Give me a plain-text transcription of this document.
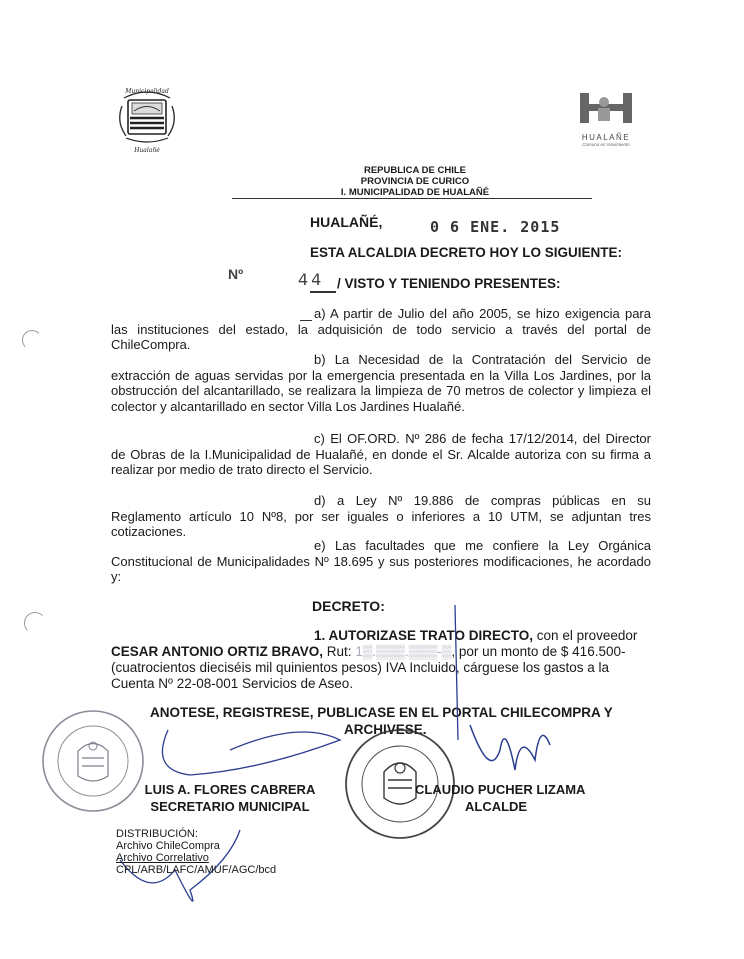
Municipalidad
Hualañé
HUALAÑE
Comuna en movimiento
REPUBLICA DE CHILE
PROVINCIA DE CURICO
I. MUNICIPALIDAD DE HUALAÑÉ
HUALAÑÉ,	0 6 ENE. 2015
ESTA ALCALDIA DECRETO HOY LO SIGUIENTE:
Nº	44 / VISTO Y TENIENDO PRESENTES:
a) A partir de Julio del año 2005, se hizo exigencia para las instituciones del estado, la adquisición de todo servicio a través del portal de ChileCompra.
b) La Necesidad de la Contratación del Servicio de extracción de aguas servidas por la emergencia presentada en la Villa Los Jardines, por la obstrucción del alcantarillado, se realizara la limpieza de 70 metros de colector y limpieza el colector y alcantarillado en sector Villa Los Jardines Hualañé.
c) El OF.ORD. Nº 286 de fecha 17/12/2014, del Director de Obras de la I.Municipalidad de Hualañé, en donde el Sr. Alcalde autoriza con su firma a realizar por medio de trato directo el Servicio.
d) a Ley Nº 19.886 de compras públicas en su Reglamento artículo 10 Nº8, por ser iguales o inferiores a 10 UTM, se adjuntan tres cotizaciones.
e) Las facultades que me confiere la Ley Orgánica Constitucional de Municipalidades Nº 18.695 y sus posteriores modificaciones, he acordado y:
DECRETO:
1. AUTORIZASE TRATO DIRECTO, con el proveedor
CESAR ANTONIO ORTIZ BRAVO, Rut: 1▒.▒▒▒.▒▒▒-▒, por un monto de $ 416.500-
(cuatrocientos dieciséis mil quinientos pesos) IVA Incluido, cárguese los gastos a la
Cuenta Nº 22-08-001 Servicios de Aseo.
ANOTESE, REGISTRESE, PUBLICASE EN EL PORTAL CHILECOMPRA Y
ARCHIVESE.
LUIS A. FLORES CABRERA
SECRETARIO MUNICIPAL
CLAUDIO PUCHER LIZAMA
ALCALDE
DISTRIBUCIÓN:
Archivo ChileCompra
Archivo Correlativo
CPL/ARB/LAFC/AMUF/AGC/bcd
